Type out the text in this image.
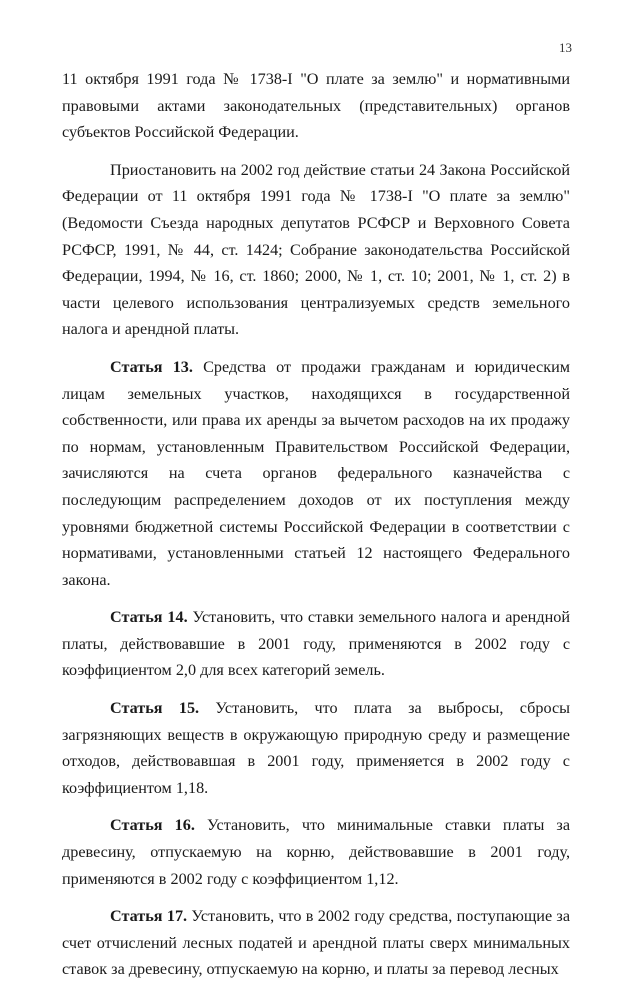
13

11 октября 1991 года № 1738-I "О плате за землю" и нормативными правовыми актами законодательных (представительных) органов субъектов Российской Федерации.

Приостановить на 2002 год действие статьи 24 Закона Российской Федерации от 11 октября 1991 года № 1738-I "О плате за землю" (Ведомости Съезда народных депутатов РСФСР и Верховного Совета РСФСР, 1991, № 44, ст. 1424; Собрание законодательства Российской Федерации, 1994, № 16, ст. 1860; 2000, № 1, ст. 10; 2001, № 1, ст. 2) в части целевого использования централизуемых средств земельного налога и арендной платы.

Статья 13. Средства от продажи гражданам и юридическим лицам земельных участков, находящихся в государственной собственности, или права их аренды за вычетом расходов на их продажу по нормам, установленным Правительством Российской Федерации, зачисляются на счета органов федерального казначейства с последующим распределением доходов от их поступления между уровнями бюджетной системы Российской Федерации в соответствии с нормативами, установленными статьей 12 настоящего Федерального закона.

Статья 14. Установить, что ставки земельного налога и арендной платы, действовавшие в 2001 году, применяются в 2002 году с коэффициентом 2,0 для всех категорий земель.

Статья 15. Установить, что плата за выбросы, сбросы загрязняющих веществ в окружающую природную среду и размещение отходов, действовавшая в 2001 году, применяется в 2002 году с коэффициентом 1,18.

Статья 16. Установить, что минимальные ставки платы за древесину, отпускаемую на корню, действовавшие в 2001 году, применяются в 2002 году с коэффициентом 1,12.

Статья 17. Установить, что в 2002 году средства, поступающие за счет отчислений лесных податей и арендной платы сверх минимальных ставок за древесину, отпускаемую на корню, и платы за перевод лесных
